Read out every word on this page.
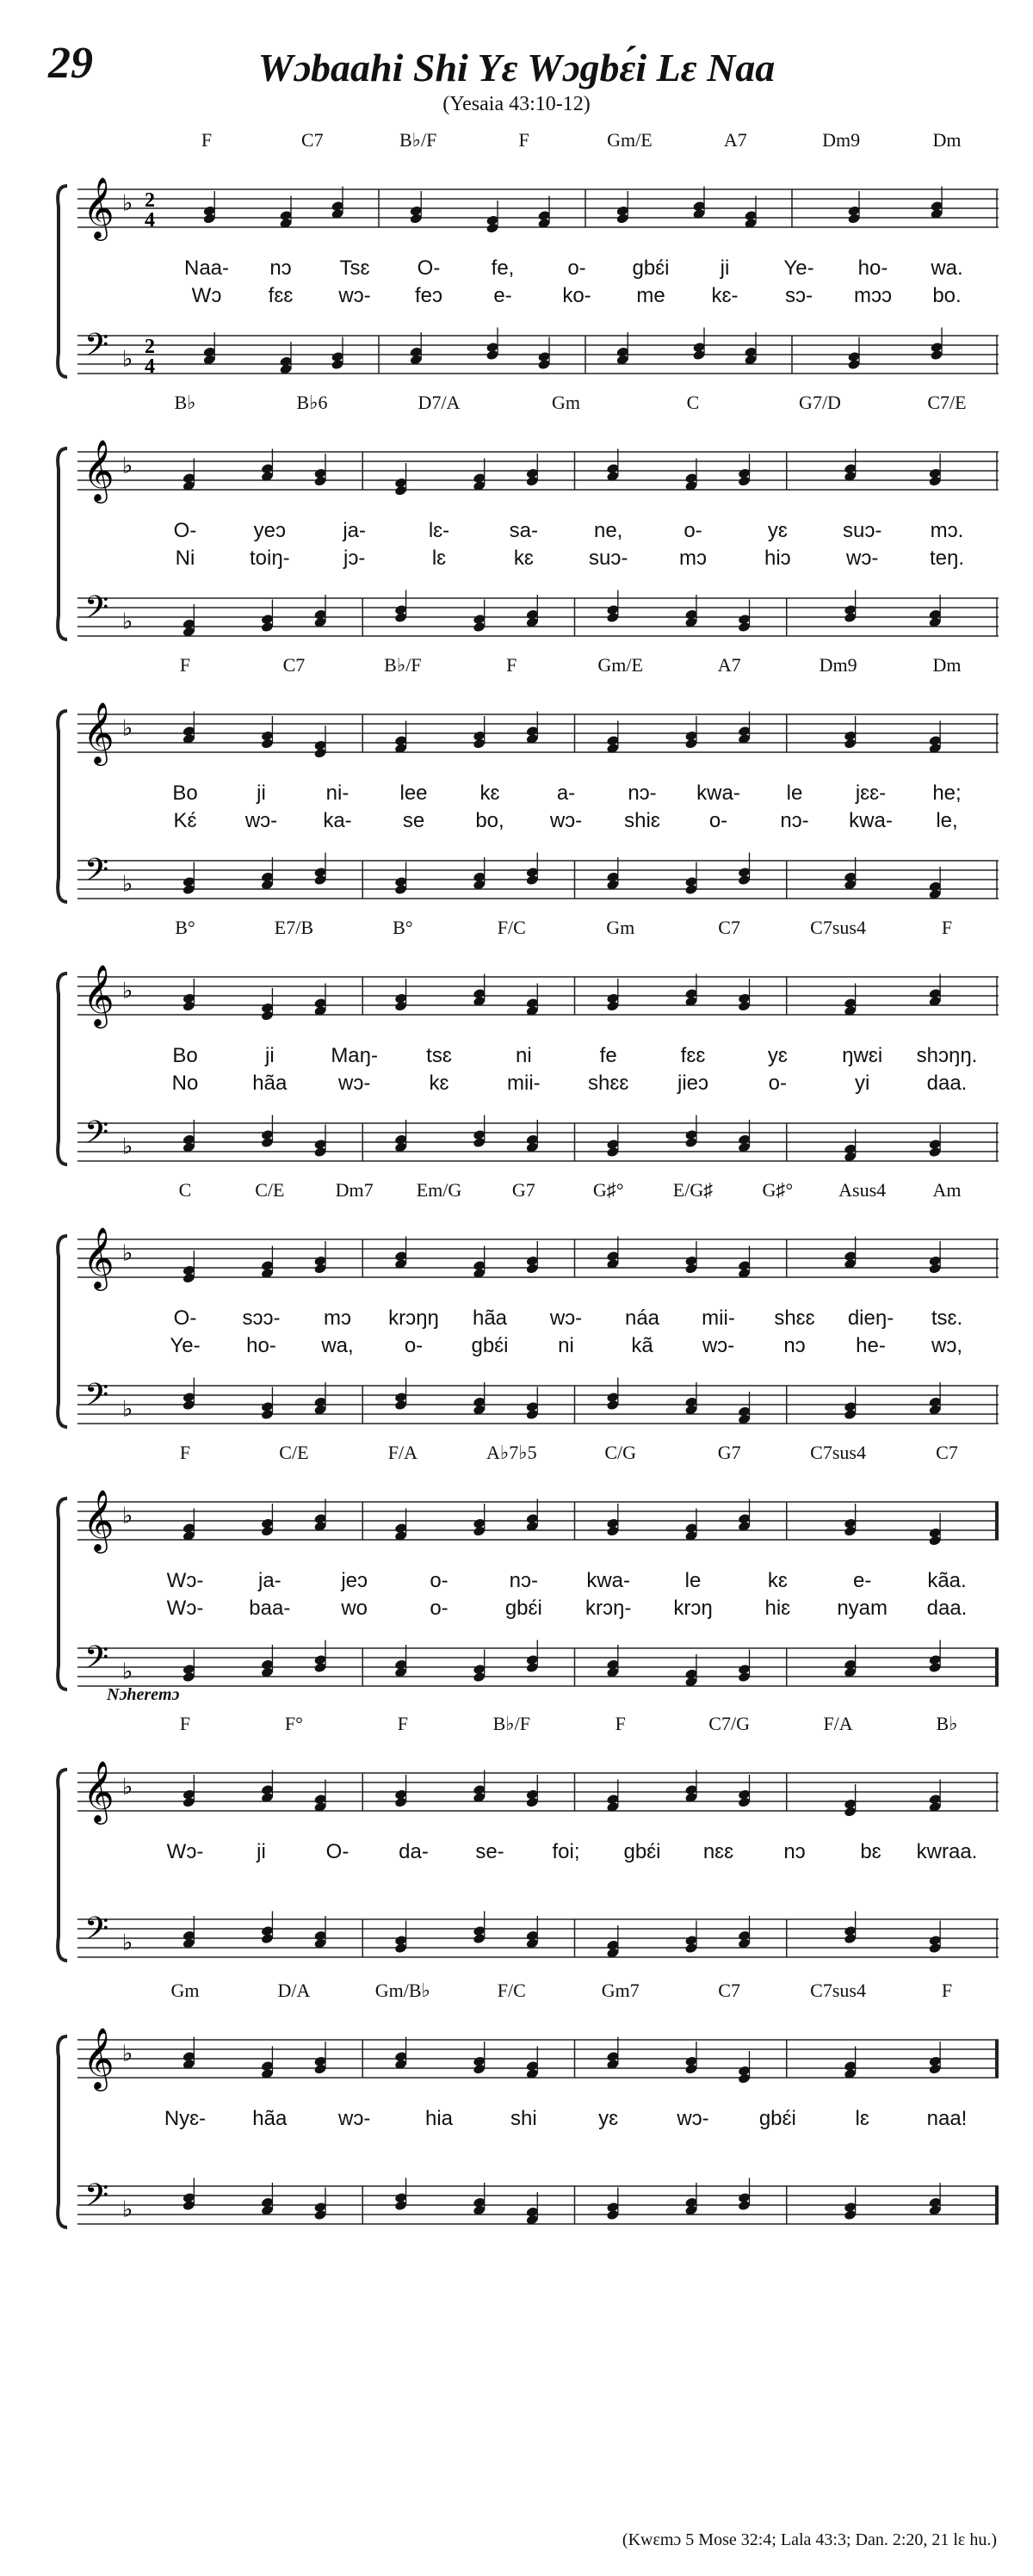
29	Wɔbaahi Shi Yɛ Wɔgbɛ́i Lɛ Naa
(Yesaia 43:10-12)
𝄞
𝄢
♭
♭
2
4
2
4
F	C7	B♭/F	F	Gm/E	A7	Dm9	Dm
Naa- nɔ Tsɛ O- fe,	o- gbɛ́i ji	Ye- ho- wa.
Wɔ fɛɛ wɔ- feɔ e- ko- me kɛ- sɔ- mɔɔ bo.
𝄞
𝄢
♭
♭
B♭	B♭6	D7/A	Gm	C	G7/D	C7/E
O-	yeɔ	ja-	lɛ-	sa-	ne,	o-	yɛ	suɔ- mɔ.
Ni	toiŋ-	jɔ-	lɛ	kɛ	suɔ- mɔ	hiɔ	wɔ- teŋ.
𝄞
𝄢
♭
♭
F	C7	B♭/F	F	Gm/E	A7	Dm9	Dm
Bo	ji	ni- lee	kɛ	a-	nɔ- kwa- le	jɛɛ- he;
Kɛ́ wɔ- ka- se bo, wɔ- shiɛ o-	nɔ- kwa- le,
𝄞
𝄢
♭
♭
B°	E7/B	B°	F/C	Gm	C7	C7sus4	F
Bo	ji	Maŋ- tsɛ	ni	fe	fɛɛ	yɛ	ŋwɛi shɔŋŋ.
No	hãa wɔ-	kɛ	mii- shɛɛ jieɔ	o-	yi	daa.
𝄞
𝄢
♭
♭
C	C/E	Dm7 Em/G	G7	G♯°	E/G♯	G♯° Asus4 Am
O- sɔɔ- mɔ krɔŋŋ hãa wɔ- náa mii- shɛɛ dieŋ- tsɛ.
Ye- ho- wa, o- gbɛ́i ni	kã wɔ- nɔ he- wɔ,
𝄞
𝄢
♭
♭
F	C/E	F/A	A♭7♭5	C/G	G7	C7sus4	C7
Wɔ-	ja-	jeɔ	o-	nɔ- kwa-	le	kɛ	e-	kãa.
Wɔ- baa- wo	o-	gbɛ́i krɔŋ- krɔŋ	hiɛ nyam daa.
𝄞
𝄢
♭
♭
Nɔheremɔ
F	F°	F	B♭/F	F	C7/G	F/A	B♭
Wɔ-	ji	O- da- se- foi; gbɛ́i nɛɛ nɔ	bɛ kwraa.
𝄞
𝄢
♭
♭
Gm	D/A	Gm/B♭	F/C	Gm7	C7	C7sus4	F
Nyɛ- hãa wɔ-	hia	shi	yɛ	wɔ- gbɛ́i	lɛ	naa!
(Kwɛmɔ 5 Mose 32:4; Lala 43:3; Dan. 2:20, 21 lɛ hu.)
